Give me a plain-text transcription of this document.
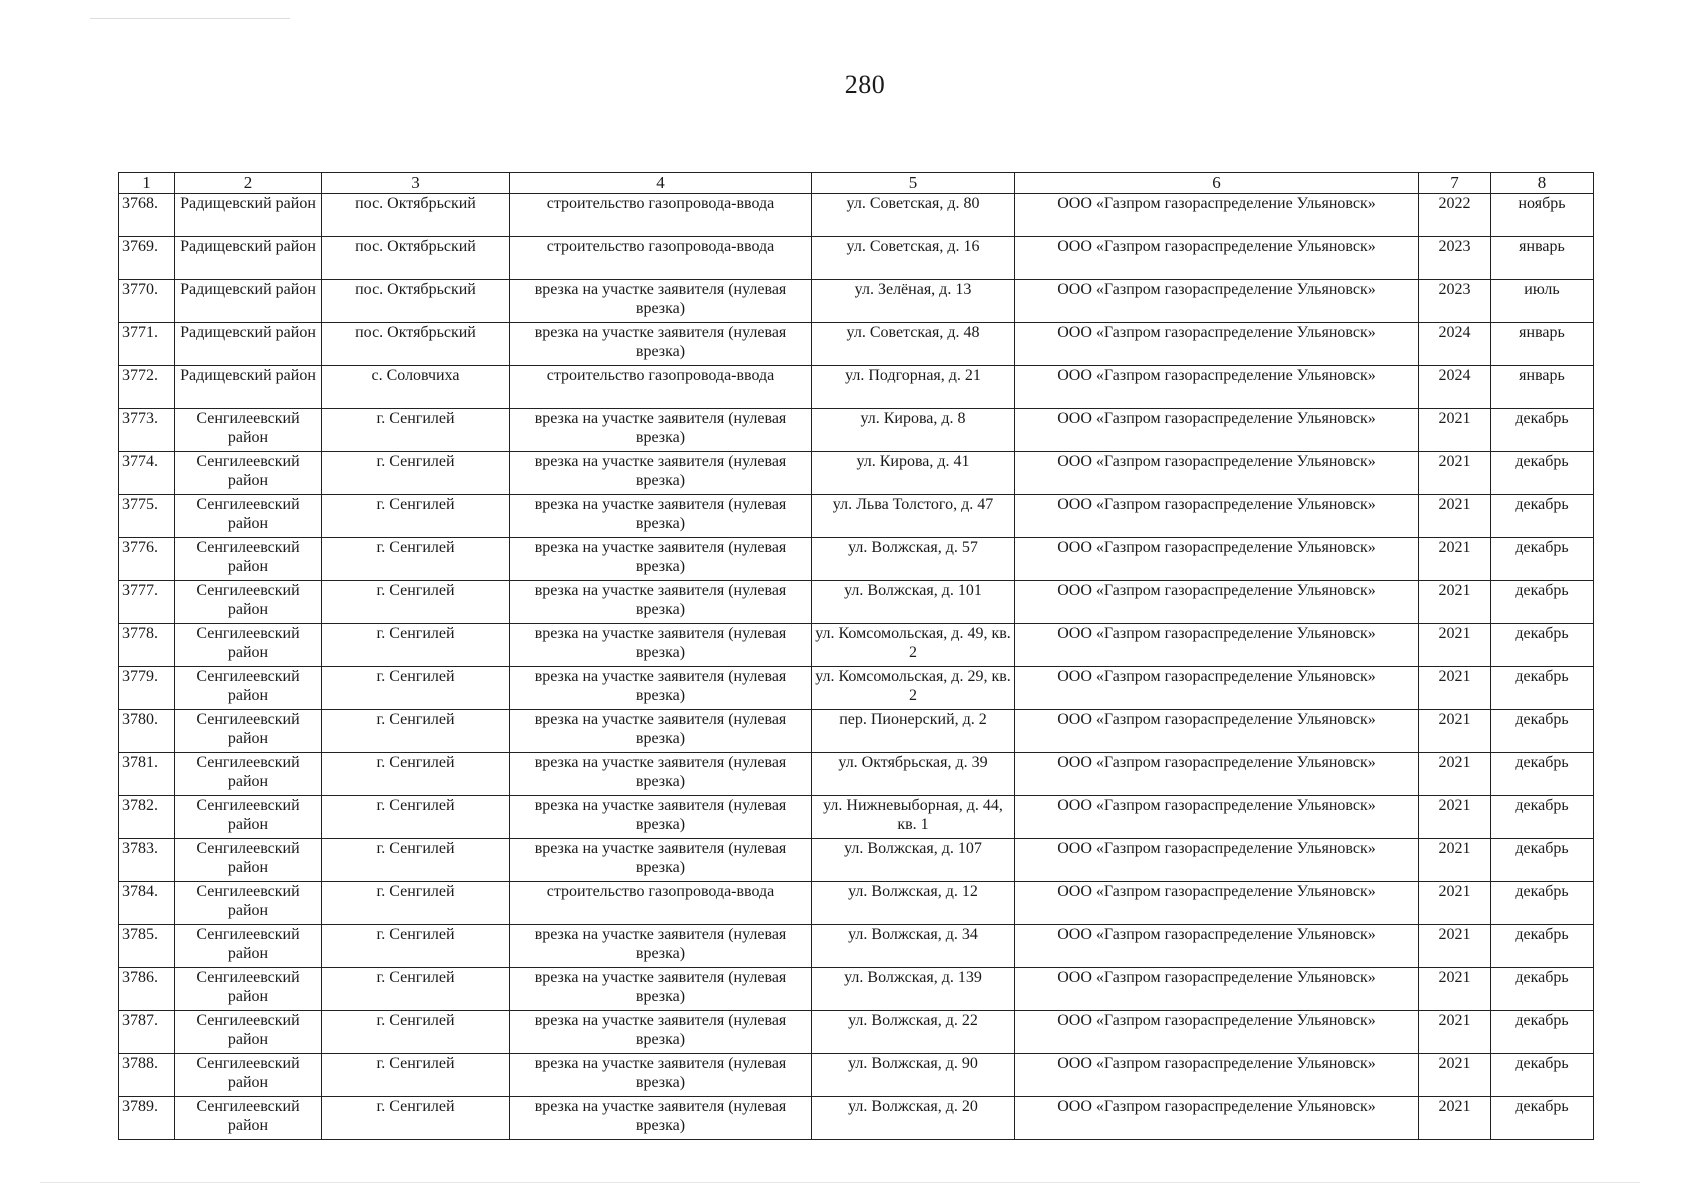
280
1	2	3	4	5	6	7	8
3768.	Радищевский район	пос. Октябрьский	строительство газопровода-ввода	ул. Советская, д. 80	ООО «Газпром газораспределение Ульяновск»	2022	ноябрь
3769.	Радищевский район	пос. Октябрьский	строительство газопровода-ввода	ул. Советская, д. 16	ООО «Газпром газораспределение Ульяновск»	2023	январь
3770.	Радищевский район	пос. Октябрьский	врезка на участке заявителя (нулевая врезка)	ул. Зелёная, д. 13	ООО «Газпром газораспределение Ульяновск»	2023	июль
3771.	Радищевский район	пос. Октябрьский	врезка на участке заявителя (нулевая врезка)	ул. Советская, д. 48	ООО «Газпром газораспределение Ульяновск»	2024	январь
3772.	Радищевский район	с. Соловчиха	строительство газопровода-ввода	ул. Подгорная, д. 21	ООО «Газпром газораспределение Ульяновск»	2024	январь
3773.	Сенгилеевский район	г. Сенгилей	врезка на участке заявителя (нулевая врезка)	ул. Кирова, д. 8	ООО «Газпром газораспределение Ульяновск»	2021	декабрь
3774.	Сенгилеевский район	г. Сенгилей	врезка на участке заявителя (нулевая врезка)	ул. Кирова, д. 41	ООО «Газпром газораспределение Ульяновск»	2021	декабрь
3775.	Сенгилеевский район	г. Сенгилей	врезка на участке заявителя (нулевая врезка)	ул. Льва Толстого, д. 47	ООО «Газпром газораспределение Ульяновск»	2021	декабрь
3776.	Сенгилеевский район	г. Сенгилей	врезка на участке заявителя (нулевая врезка)	ул. Волжская, д. 57	ООО «Газпром газораспределение Ульяновск»	2021	декабрь
3777.	Сенгилеевский район	г. Сенгилей	врезка на участке заявителя (нулевая врезка)	ул. Волжская, д. 101	ООО «Газпром газораспределение Ульяновск»	2021	декабрь
3778.	Сенгилеевский район	г. Сенгилей	врезка на участке заявителя (нулевая врезка)	ул. Комсомольская, д. 49, кв. 2	ООО «Газпром газораспределение Ульяновск»	2021	декабрь
3779.	Сенгилеевский район	г. Сенгилей	врезка на участке заявителя (нулевая врезка)	ул. Комсомольская, д. 29, кв. 2	ООО «Газпром газораспределение Ульяновск»	2021	декабрь
3780.	Сенгилеевский район	г. Сенгилей	врезка на участке заявителя (нулевая врезка)	пер. Пионерский, д. 2	ООО «Газпром газораспределение Ульяновск»	2021	декабрь
3781.	Сенгилеевский район	г. Сенгилей	врезка на участке заявителя (нулевая врезка)	ул. Октябрьская, д. 39	ООО «Газпром газораспределение Ульяновск»	2021	декабрь
3782.	Сенгилеевский район	г. Сенгилей	врезка на участке заявителя (нулевая врезка)	ул. Нижневыборная, д. 44, кв. 1	ООО «Газпром газораспределение Ульяновск»	2021	декабрь
3783.	Сенгилеевский район	г. Сенгилей	врезка на участке заявителя (нулевая врезка)	ул. Волжская, д. 107	ООО «Газпром газораспределение Ульяновск»	2021	декабрь
3784.	Сенгилеевский район	г. Сенгилей	строительство газопровода-ввода	ул. Волжская, д. 12	ООО «Газпром газораспределение Ульяновск»	2021	декабрь
3785.	Сенгилеевский район	г. Сенгилей	врезка на участке заявителя (нулевая врезка)	ул. Волжская, д. 34	ООО «Газпром газораспределение Ульяновск»	2021	декабрь
3786.	Сенгилеевский район	г. Сенгилей	врезка на участке заявителя (нулевая врезка)	ул. Волжская, д. 139	ООО «Газпром газораспределение Ульяновск»	2021	декабрь
3787.	Сенгилеевский район	г. Сенгилей	врезка на участке заявителя (нулевая врезка)	ул. Волжская, д. 22	ООО «Газпром газораспределение Ульяновск»	2021	декабрь
3788.	Сенгилеевский район	г. Сенгилей	врезка на участке заявителя (нулевая врезка)	ул. Волжская, д. 90	ООО «Газпром газораспределение Ульяновск»	2021	декабрь
3789.	Сенгилеевский район	г. Сенгилей	врезка на участке заявителя (нулевая врезка)	ул. Волжская, д. 20	ООО «Газпром газораспределение Ульяновск»	2021	декабрь
